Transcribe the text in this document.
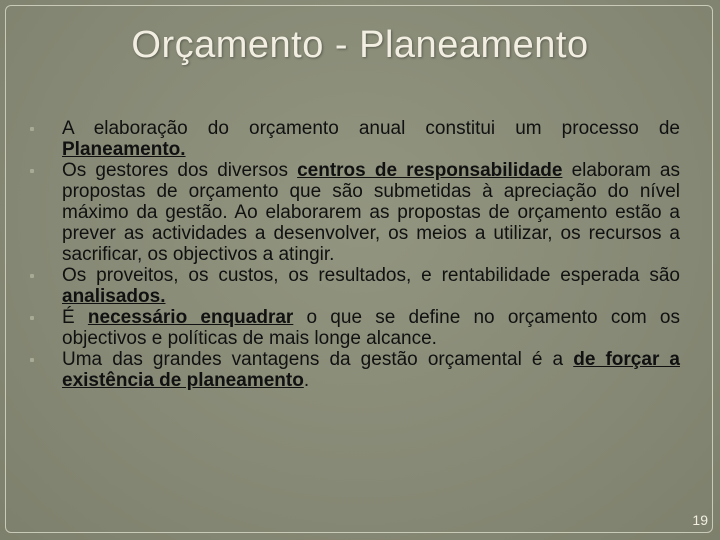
Orçamento - Planeamento
A elaboração do orçamento anual constitui um processo de Planeamento.
Os gestores dos diversos centros de responsabilidade elaboram as propostas de orçamento que são submetidas à apreciação do nível máximo da gestão. Ao elaborarem as propostas de orçamento estão a prever as actividades a desenvolver, os meios a utilizar, os recursos a sacrificar, os objectivos a atingir.
Os proveitos, os custos, os resultados, e rentabilidade esperada são analisados.
É necessário enquadrar o que se define no orçamento com os objectivos e políticas de mais longe alcance.
Uma das grandes vantagens da gestão orçamental é a de forçar a existência de planeamento.
19
